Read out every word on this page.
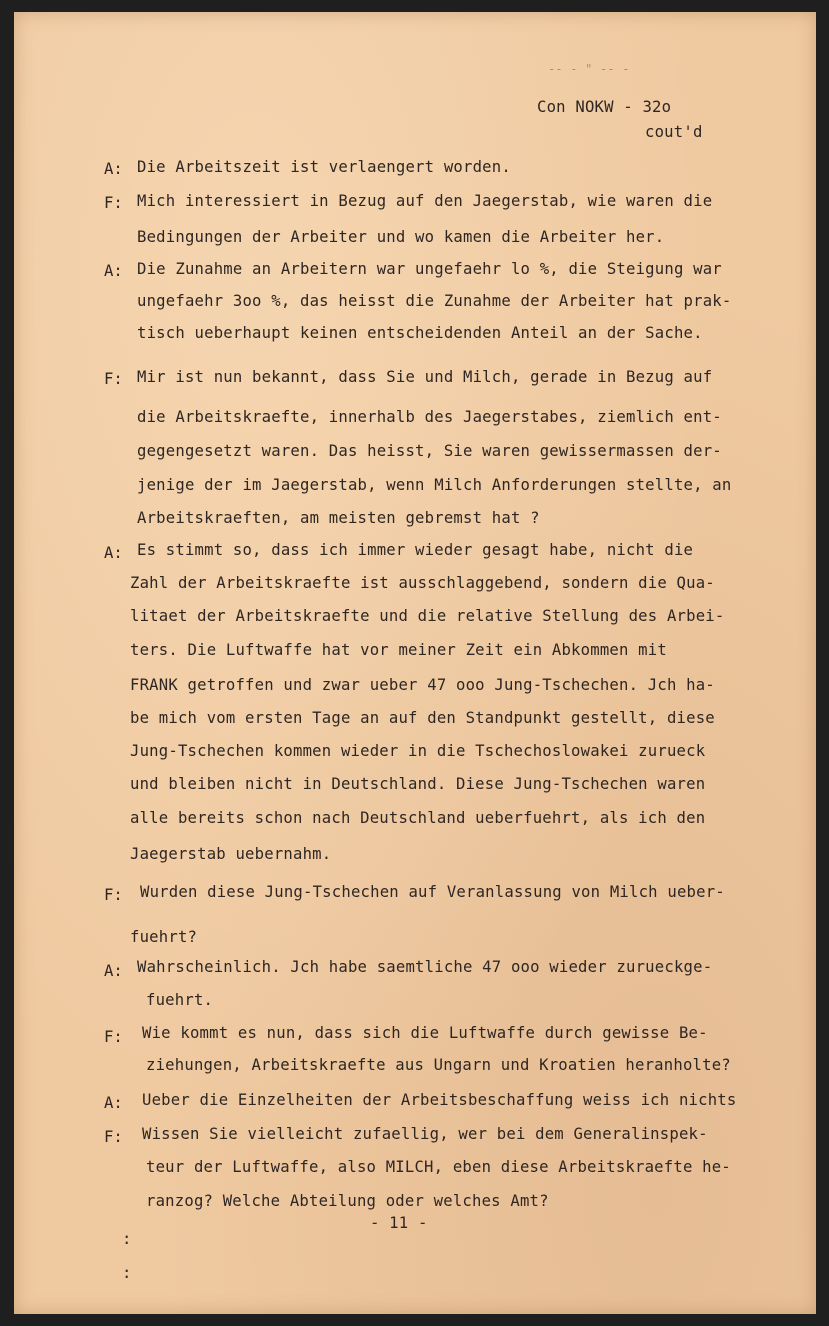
-- - " -- -
Con NOKW - 32o
cout'd
A: Die Arbeitszeit ist verlaengert worden.
F: Mich interessiert in Bezug auf den Jaegerstab, wie waren die
Bedingungen der Arbeiter und wo kamen die Arbeiter her.
A: Die Zunahme an Arbeitern war ungefaehr lo %, die Steigung war
ungefaehr 3oo %, das heisst die Zunahme der Arbeiter hat prak-
tisch ueberhaupt keinen entscheidenden Anteil an der Sache.
F: Mir ist nun bekannt, dass Sie und Milch, gerade in Bezug auf
die Arbeitskraefte, innerhalb des Jaegerstabes, ziemlich ent-
gegengesetzt waren. Das heisst, Sie waren gewissermassen der-
jenige der im Jaegerstab, wenn Milch Anforderungen stellte, an
Arbeitskraeften, am meisten gebremst hat ?
A: Es stimmt so, dass ich immer wieder gesagt habe, nicht die
Zahl der Arbeitskraefte ist ausschlaggebend, sondern die Qua-
litaet der Arbeitskraefte und die relative Stellung des Arbei-
ters. Die Luftwaffe hat vor meiner Zeit ein Abkommen mit
FRANK getroffen und zwar ueber 47 ooo Jung-Tschechen. Jch ha-
be mich vom ersten Tage an auf den Standpunkt gestellt, diese
Jung-Tschechen kommen wieder in die Tschechoslowakei zurueck
und bleiben nicht in Deutschland. Diese Jung-Tschechen waren
alle bereits schon nach Deutschland ueberfuehrt, als ich den
Jaegerstab uebernahm.
F: Wurden diese Jung-Tschechen auf Veranlassung von Milch ueber-
fuehrt?
A: Wahrscheinlich. Jch habe saemtliche 47 ooo wieder zurueckge-
fuehrt.
F: Wie kommt es nun, dass sich die Luftwaffe durch gewisse Be-
ziehungen, Arbeitskraefte aus Ungarn und Kroatien heranholte?
A: Ueber die Einzelheiten der Arbeitsbeschaffung weiss ich nichts
F: Wissen Sie vielleicht zufaellig, wer bei dem Generalinspek-
teur der Luftwaffe, also MILCH, eben diese Arbeitskraefte he-
ranzog? Welche Abteilung oder welches Amt?
- 11 -
:
:
